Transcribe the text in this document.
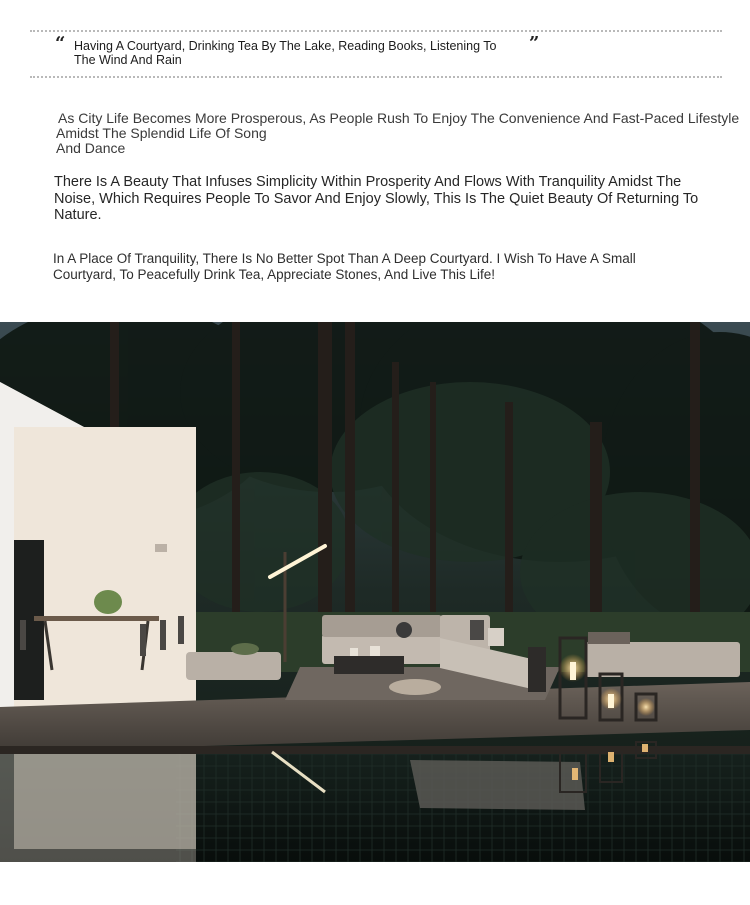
“ Having A Courtyard, Drinking Tea By The Lake, Reading Books, Listening To The Wind And Rain
”
As City Life Becomes More Prosperous, As People Rush To Enjoy The Convenience And Fast-Paced Lifestyle
Amidst The Splendid Life Of Song
And Dance
There Is A Beauty That Infuses Simplicity Within Prosperity And Flows With Tranquility Amidst The Noise, Which Requires People To Savor And Enjoy Slowly, This Is The Quiet Beauty Of Returning To Nature.
In A Place Of Tranquility, There Is No Better Spot Than A Deep Courtyard. I Wish To Have A Small Courtyard, To Peacefully Drink Tea, Appreciate Stones, And Live This Life!
